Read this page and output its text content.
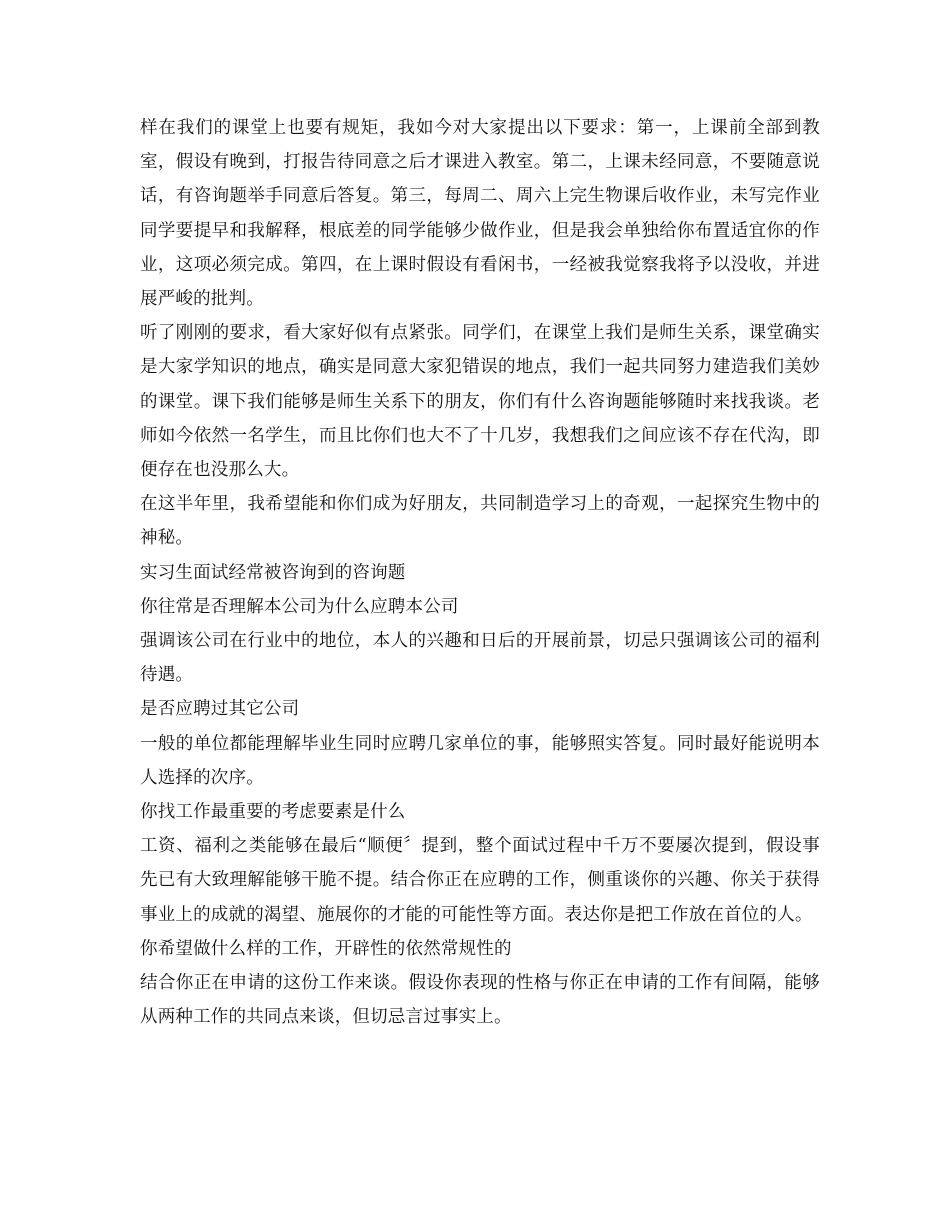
样在我们的课堂上也要有规矩，我如今对大家提出以下要求：第一，上课前全部到教室，假设有晚到，打报告待同意之后才课进入教室。第二，上课未经同意，不要随意说话，有咨询题举手同意后答复。第三，每周二、周六上完生物课后收作业，未写完作业同学要提早和我解释，根底差的同学能够少做作业，但是我会单独给你布置适宜你的作业，这项必须完成。第四，在上课时假设有看闲书，一经被我觉察我将予以没收，并进展严峻的批判。

听了刚刚的要求，看大家好似有点紧张。同学们，在课堂上我们是师生关系，课堂确实是大家学知识的地点，确实是同意大家犯错误的地点，我们一起共同努力建造我们美妙的课堂。课下我们能够是师生关系下的朋友，你们有什么咨询题能够随时来找我谈。老师如今依然一名学生，而且比你们也大不了十几岁，我想我们之间应该不存在代沟，即便存在也没那么大。

在这半年里，我希望能和你们成为好朋友，共同制造学习上的奇观，一起探究生物中的神秘。

实习生面试经常被咨询到的咨询题

你往常是否理解本公司为什么应聘本公司

强调该公司在行业中的地位，本人的兴趣和日后的开展前景，切忌只强调该公司的福利待遇。

是否应聘过其它公司

一般的单位都能理解毕业生同时应聘几家单位的事，能够照实答复。同时最好能说明本人选择的次序。

你找工作最重要的考虑要素是什么

工资、福利之类能够在最后“顺便〞提到，整个面试过程中千万不要屡次提到，假设事先已有大致理解能够干脆不提。结合你正在应聘的工作，侧重谈你的兴趣、你关于获得事业上的成就的渴望、施展你的才能的可能性等方面。表达你是把工作放在首位的人。

你希望做什么样的工作，开辟性的依然常规性的

结合你正在申请的这份工作来谈。假设你表现的性格与你正在申请的工作有间隔，能够从两种工作的共同点来谈，但切忌言过事实上。
